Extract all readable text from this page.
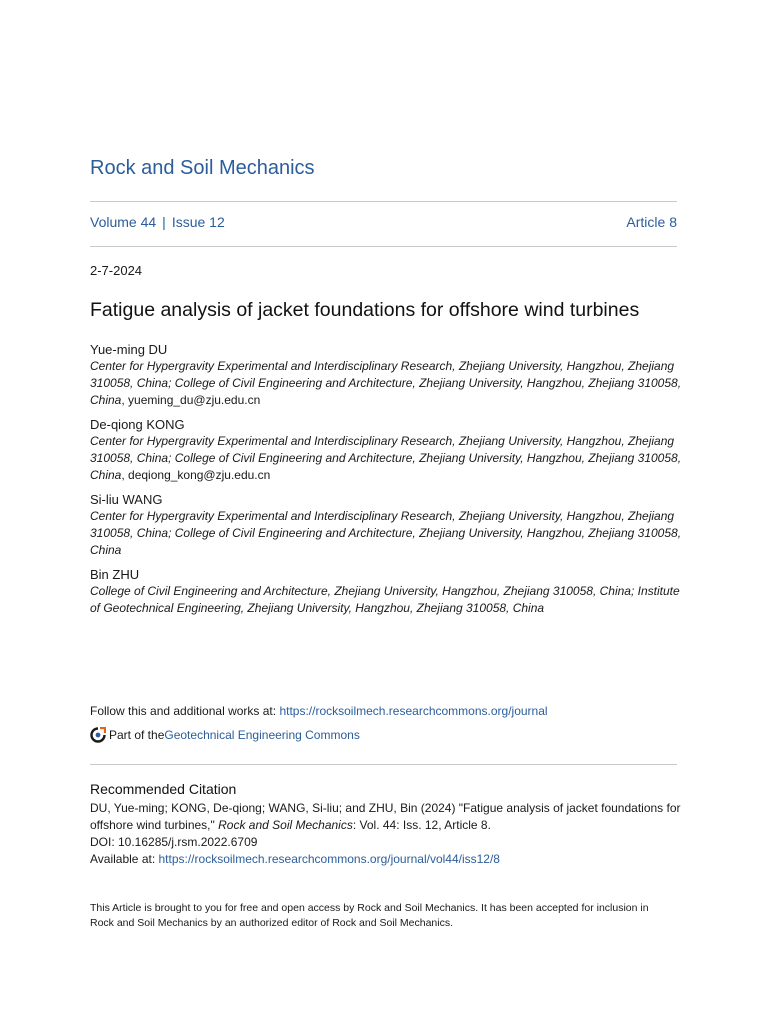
Rock and Soil Mechanics
Volume 44 | Issue 12	Article 8
2-7-2024
Fatigue analysis of jacket foundations for offshore wind turbines
Yue-ming DU
Center for Hypergravity Experimental and Interdisciplinary Research, Zhejiang University, Hangzhou, Zhejiang 310058, China; College of Civil Engineering and Architecture, Zhejiang University, Hangzhou, Zhejiang 310058, China, yueming_du@zju.edu.cn
De-qiong KONG
Center for Hypergravity Experimental and Interdisciplinary Research, Zhejiang University, Hangzhou, Zhejiang 310058, China; College of Civil Engineering and Architecture, Zhejiang University, Hangzhou, Zhejiang 310058, China, deqiong_kong@zju.edu.cn
Si-liu WANG
Center for Hypergravity Experimental and Interdisciplinary Research, Zhejiang University, Hangzhou, Zhejiang 310058, China; College of Civil Engineering and Architecture, Zhejiang University, Hangzhou, Zhejiang 310058, China
Bin ZHU
College of Civil Engineering and Architecture, Zhejiang University, Hangzhou, Zhejiang 310058, China; Institute of Geotechnical Engineering, Zhejiang University, Hangzhou, Zhejiang 310058, China
Follow this and additional works at: https://rocksoilmech.researchcommons.org/journal
Part of the Geotechnical Engineering Commons
Recommended Citation
DU, Yue-ming; KONG, De-qiong; WANG, Si-liu; and ZHU, Bin (2024) "Fatigue analysis of jacket foundations for offshore wind turbines," Rock and Soil Mechanics: Vol. 44: Iss. 12, Article 8.
DOI: 10.16285/j.rsm.2022.6709
Available at: https://rocksoilmech.researchcommons.org/journal/vol44/iss12/8
This Article is brought to you for free and open access by Rock and Soil Mechanics. It has been accepted for inclusion in Rock and Soil Mechanics by an authorized editor of Rock and Soil Mechanics.
